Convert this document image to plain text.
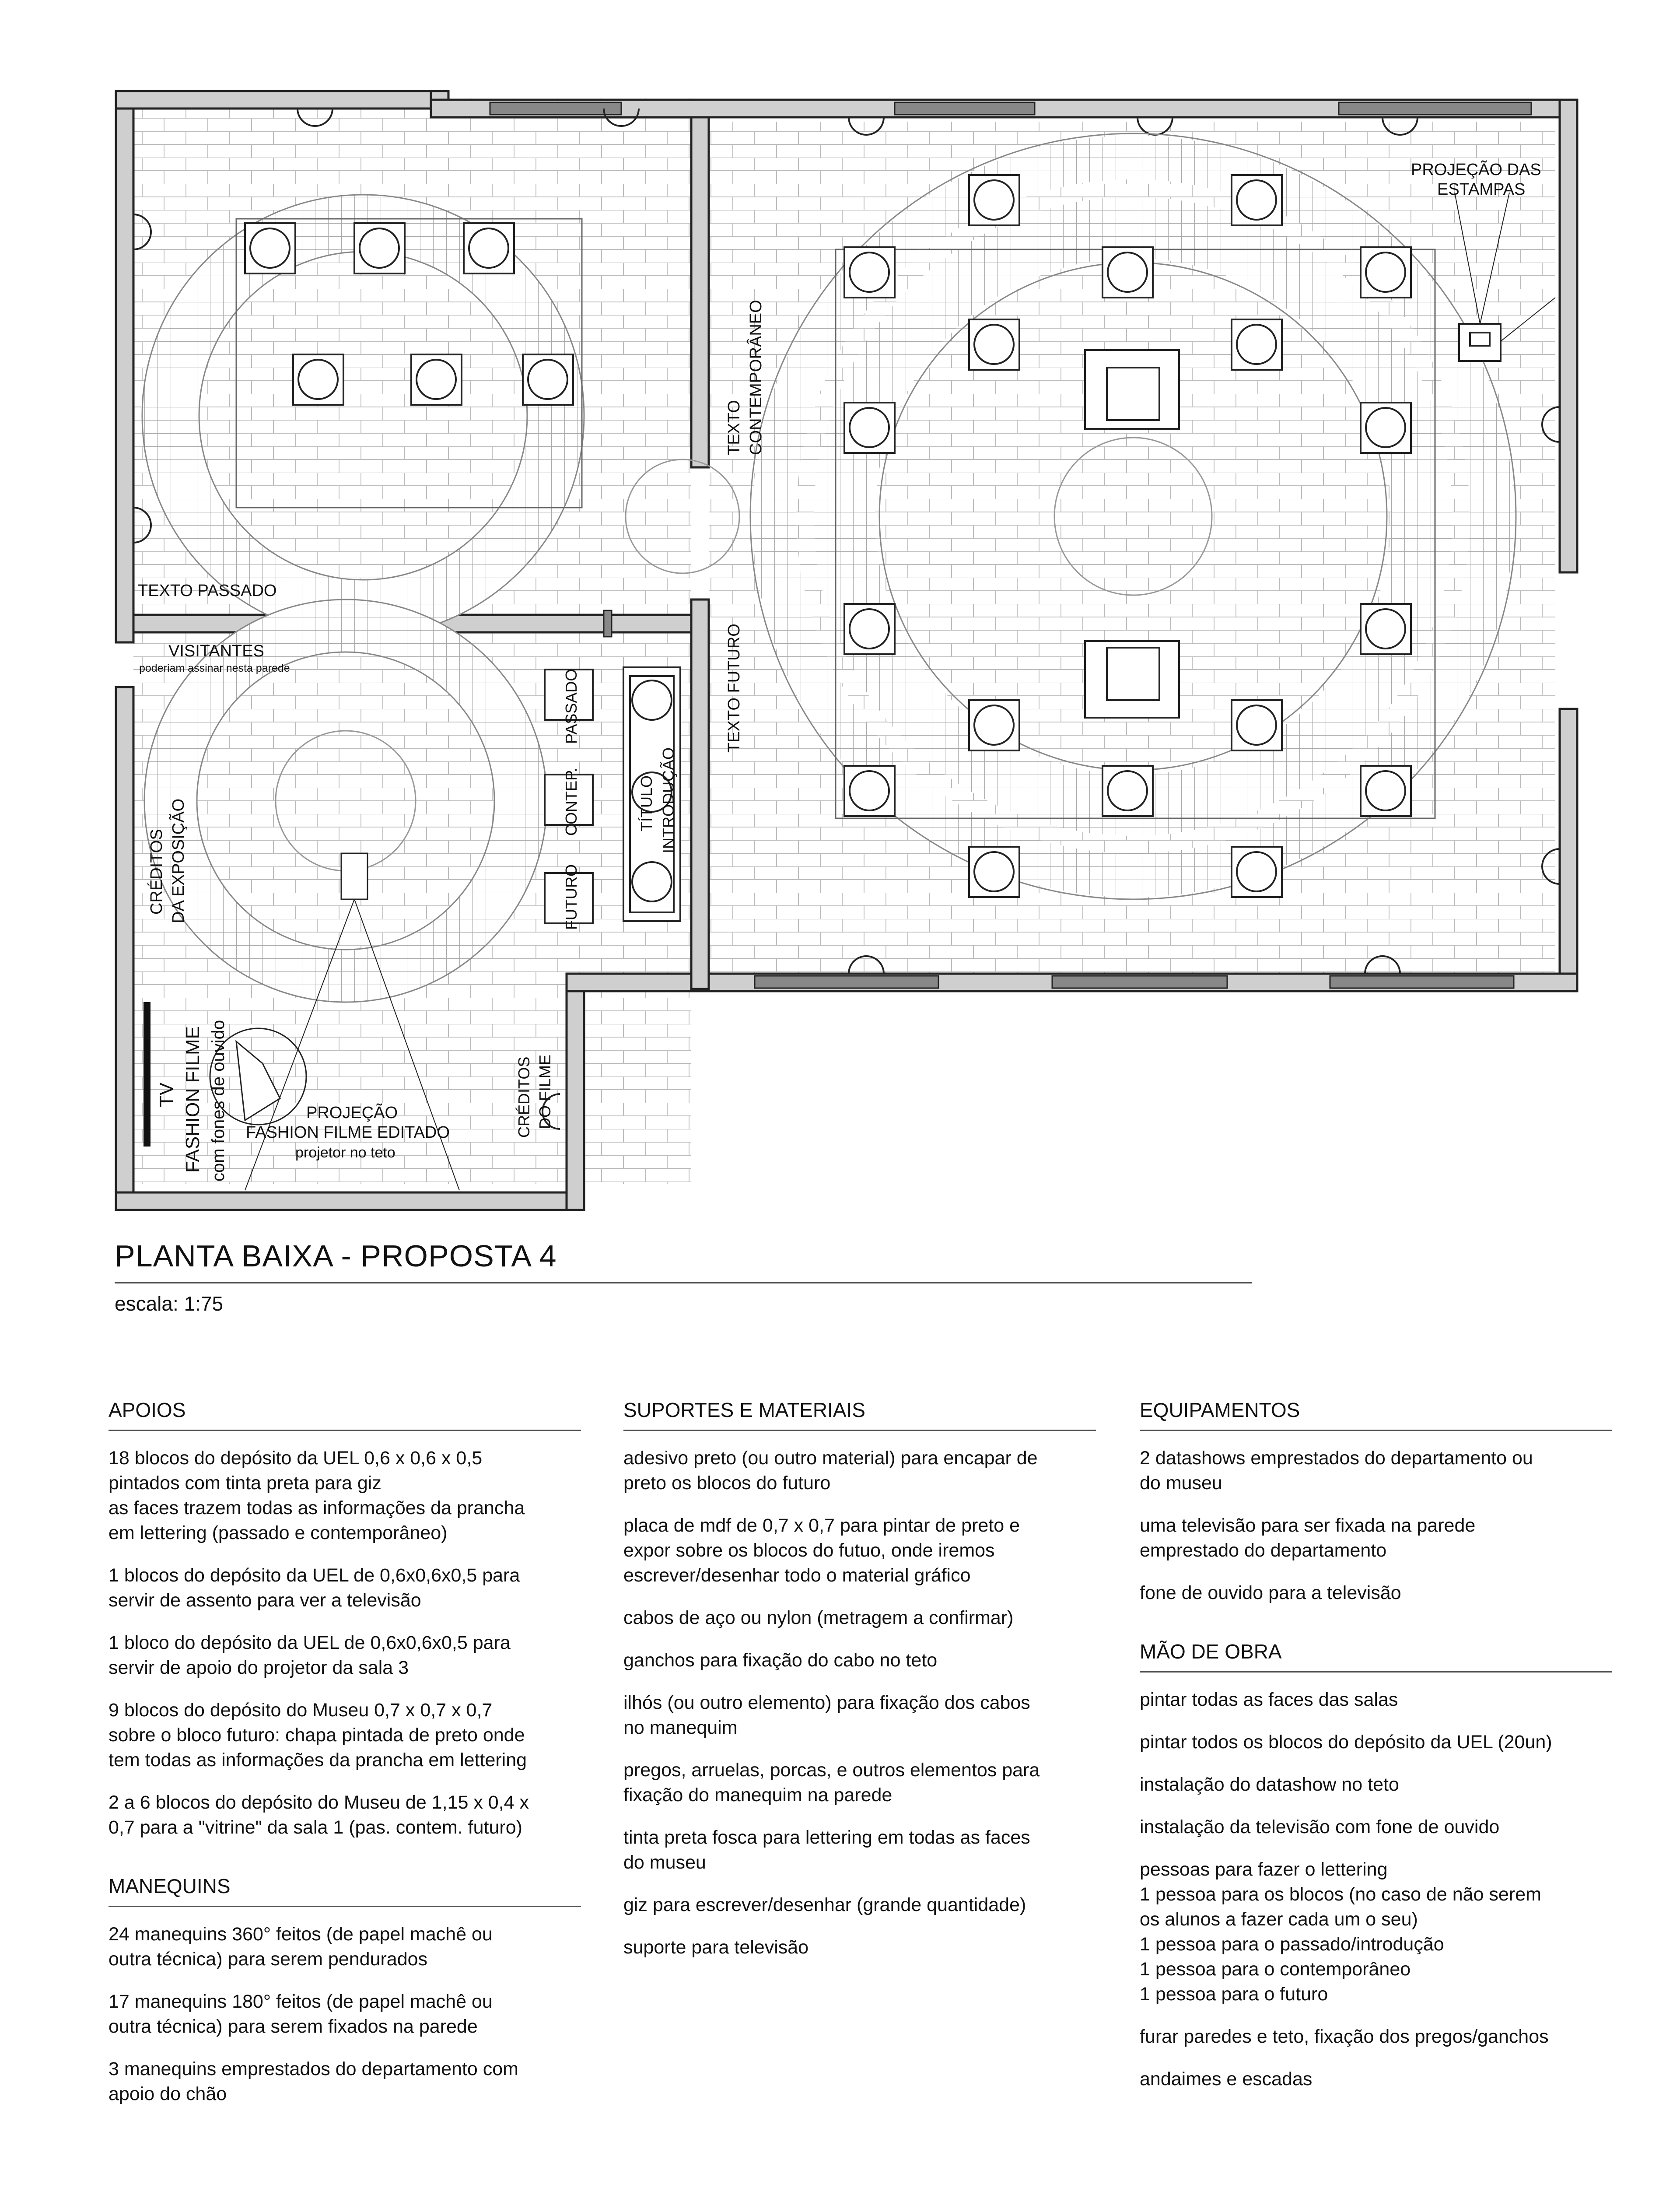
TEXTO PASSADO
VISITANTES
poderiam assinar nesta parede
PROJEÇÃO DAS
ESTAMPAS
PROJEÇÃO
FASHION FILME EDITADO
projetor no teto
TEXTO CONTEMPORÂNEO
TEXTO FUTURO
CRÉDITOS DA EXPOSIÇÃO
PASSADO
CONTEP.
FUTURO
TÍTULO INTRODUÇÃO
TV FASHION FILME com fones de ouvido	CRÉDITOS DO FILME
PLANTA BAIXA - PROPOSTA 4
escala: 1:75
APOIOS

18 blocos do depósito da UEL 0,6 x 0,6 x 0,5
pintados com tinta preta para giz
as faces trazem todas as informações da prancha
em lettering (passado e contemporâneo)

1 blocos do depósito da UEL de 0,6x0,6x0,5 para
servir de assento para ver a televisão

1 bloco do depósito da UEL de 0,6x0,6x0,5 para
servir de apoio do projetor da sala 3

9 blocos do depósito do Museu 0,7 x 0,7 x 0,7
sobre o bloco futuro: chapa pintada de preto onde
tem todas as informações da prancha em lettering

2 a 6 blocos do depósito do Museu de 1,15 x 0,4 x
0,7 para a "vitrine" da sala 1 (pas. contem. futuro)

MANEQUINS

24 manequins 360° feitos (de papel machê ou
outra técnica) para serem pendurados

17 manequins 180° feitos (de papel machê ou
outra técnica) para serem fixados na parede

3 manequins emprestados do departamento com
apoio do chão

SUPORTES E MATERIAIS

adesivo preto (ou outro material) para encapar de
preto os blocos do futuro

placa de mdf de 0,7 x 0,7 para pintar de preto e
expor sobre os blocos do futuo, onde iremos
escrever/desenhar todo o material gráfico

cabos de aço ou nylon (metragem a confirmar)

ganchos para fixação do cabo no teto

ilhós (ou outro elemento) para fixação dos cabos
no manequim

pregos, arruelas, porcas, e outros elementos para
fixação do manequim na parede

tinta preta fosca para lettering em todas as faces
do museu

giz para escrever/desenhar (grande quantidade)

suporte para televisão

EQUIPAMENTOS

2 datashows emprestados do departamento ou
do museu

uma televisão para ser fixada na parede
emprestado do departamento

fone de ouvido para a televisão

MÃO DE OBRA

pintar todas as faces das salas

pintar todos os blocos do depósito da UEL (20un)

instalação do datashow no teto

instalação da televisão com fone de ouvido

pessoas para fazer o lettering
1 pessoa para os blocos (no caso de não serem
os alunos a fazer cada um o seu)
1 pessoa para o passado/introdução
1 pessoa para o contemporâneo
1 pessoa para o futuro

furar paredes e teto, fixação dos pregos/ganchos

andaimes e escadas
